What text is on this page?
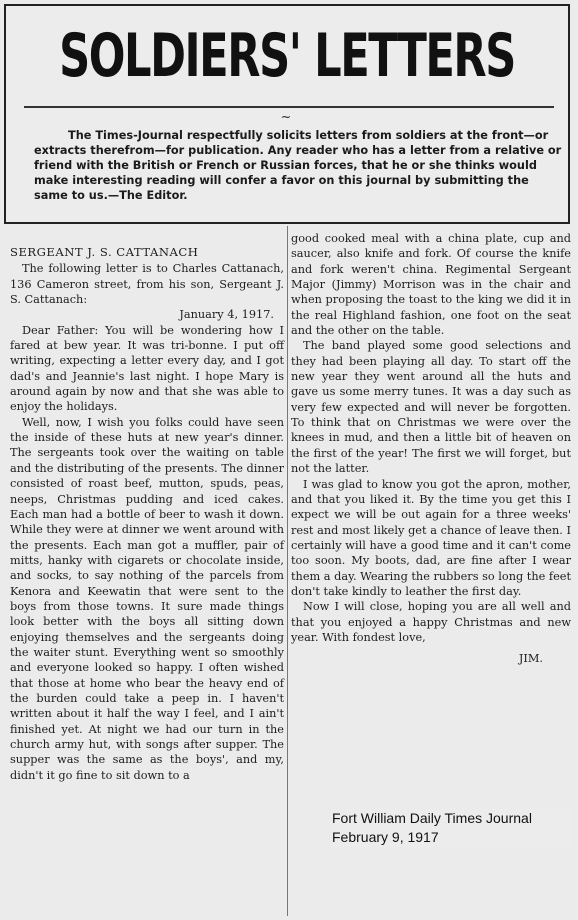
SOLDIERS' LETTERS
~
The Times-Journal respectfully solicits letters from soldiers at the front—or extracts therefrom—for publication. Any reader who has a letter from a relative or friend with the British or French or Russian forces, that he or she thinks would make interesting reading will confer a favor on this journal by submitting the same to us.—The Editor.

SERGEANT J. S. CATTANACH

The following letter is to Charles Cattanach, 136 Cameron street, from his son, Sergeant J. S. Cattanach:

January 4, 1917.

Dear Father: You will be wondering how I fared at bew year. It was tri-bonne. I put off writing, expecting a letter every day, and I got dad's and Jeannie's last night. I hope Mary is around again by now and that she was able to enjoy the holidays.

Well, now, I wish you folks could have seen the inside of these huts at new year's dinner. The sergeants took over the waiting on table and the distributing of the presents. The dinner consisted of roast beef, mutton, spuds, peas, neeps, Christmas pudding and iced cakes. Each man had a bottle of beer to wash it down. While they were at dinner we went around with the presents. Each man got a muffler, pair of mitts, hanky with cigarets or chocolate inside, and socks, to say nothing of the parcels from Kenora and Keewatin that were sent to the boys from those towns. It sure made things look better with the boys all sitting down enjoying themselves and the sergeants doing the waiter stunt. Everything went so smoothly and everyone looked so happy. I often wished that those at home who bear the heavy end of the burden could take a peep in. I haven't written about it half the way I feel, and I ain't finished yet. At night we had our turn in the church army hut, with songs after supper. The supper was the same as the boys', and my, didn't it go fine to sit down to a

good cooked meal with a china plate, cup and saucer, also knife and fork. Of course the knife and fork weren't china. Regimental Sergeant Major (Jimmy) Morrison was in the chair and when proposing the toast to the king we did it in the real Highland fashion, one foot on the seat and the other on the table.

The band played some good selections and they had been playing all day. To start off the new year they went around all the huts and gave us some merry tunes. It was a day such as very few expected and will never be forgotten. To think that on Christmas we were over the knees in mud, and then a little bit of heaven on the first of the year! The first we will forget, but not the latter.

I was glad to know you got the apron, mother, and that you liked it. By the time you get this I expect we will be out again for a three weeks' rest and most likely get a chance of leave then. I certainly will have a good time and it can't come too soon. My boots, dad, are fine after I wear them a day. Wearing the rubbers so long the feet don't take kindly to leather the first day.

Now I will close, hoping you are all well and that you enjoyed a happy Christmas and new year. With fondest love,

JIM.

Fort William Daily Times Journal
February 9, 1917
